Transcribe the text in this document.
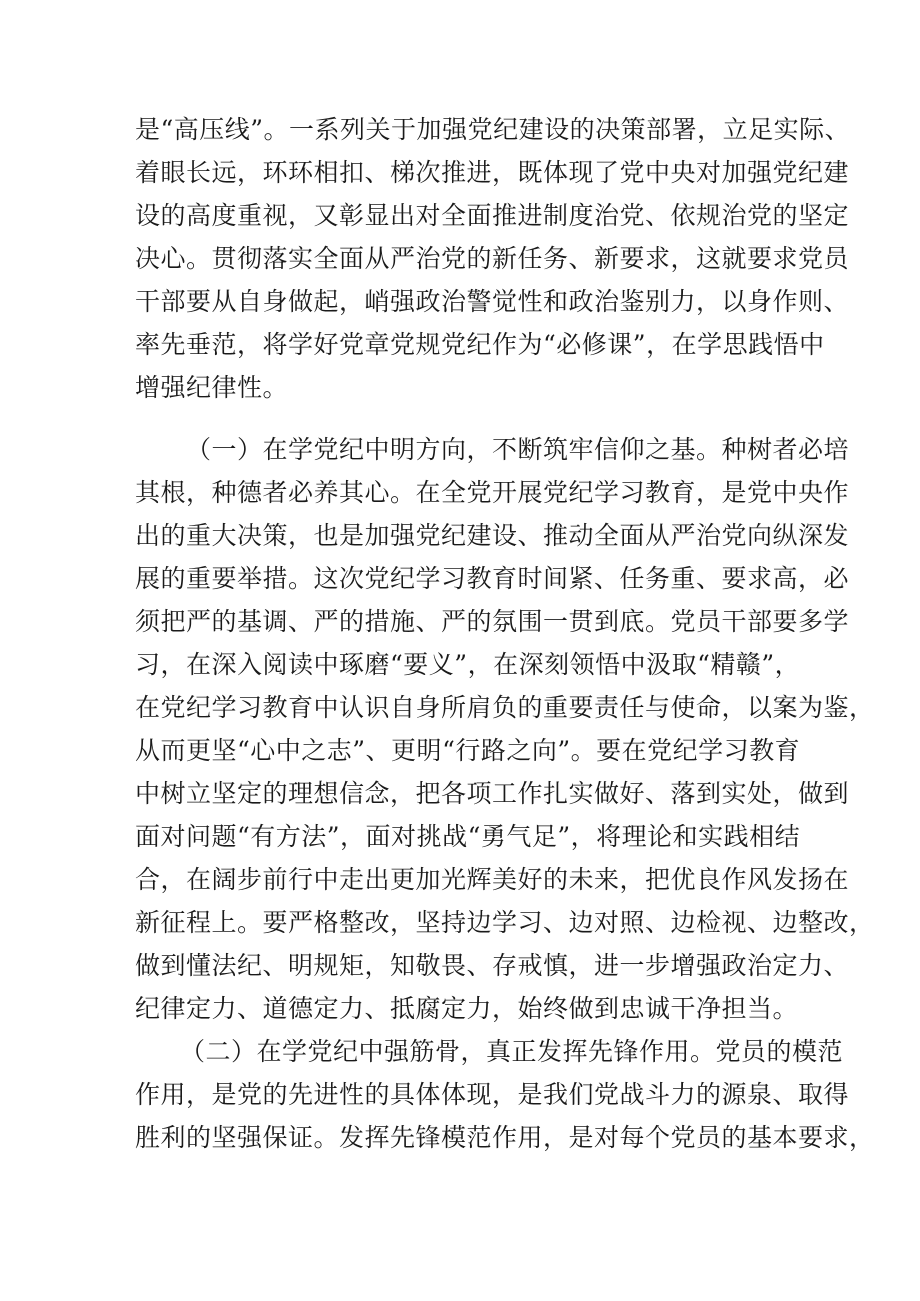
是“高压线”。一系列关于加强党纪建设的决策部署，立足实际、
着眼长远，环环相扣、梯次推进，既体现了党中央对加强党纪建
设的高度重视，又彰显出对全面推进制度治党、依规治党的坚定
决心。贯彻落实全面从严治党的新任务、新要求，这就要求党员
干部要从自身做起，峭强政治警觉性和政治鉴别力，以身作则、
率先垂范，将学好党章党规党纪作为“必修课”，在学思践悟中
增强纪律性。
（一）在学党纪中明方向，不断筑牢信仰之基。种树者必培
其根，种德者必养其心。在全党开展党纪学习教育，是党中央作
出的重大决策，也是加强党纪建设、推动全面从严治党向纵深发
展的重要举措。这次党纪学习教育时间紧、任务重、要求高，必
须把严的基调、严的措施、严的氛围一贯到底。党员干部要多学
习，在深入阅读中琢磨“要义”，在深刻领悟中汲取“精赣”，
在党纪学习教育中认识自身所肩负的重要责任与使命，以案为鉴，
从而更坚“心中之志”、更明“行路之向”。要在党纪学习教育
中树立坚定的理想信念，把各项工作扎实做好、落到实处，做到
面对问题“有方法”，面对挑战“勇气足”，将理论和实践相结
合，在阔步前行中走出更加光辉美好的未来，把优良作风发扬在
新征程上。要严格整改，坚持边学习、边对照、边检视、边整改，
做到懂法纪、明规矩，知敬畏、存戒慎，进一步增强政治定力、
纪律定力、道德定力、抵腐定力，始终做到忠诚干净担当。
（二）在学党纪中强筋骨，真正发挥先锋作用。党员的模范
作用，是党的先进性的具体体现，是我们党战斗力的源泉、取得
胜利的坚强保证。发挥先锋模范作用，是对每个党员的基本要求，
